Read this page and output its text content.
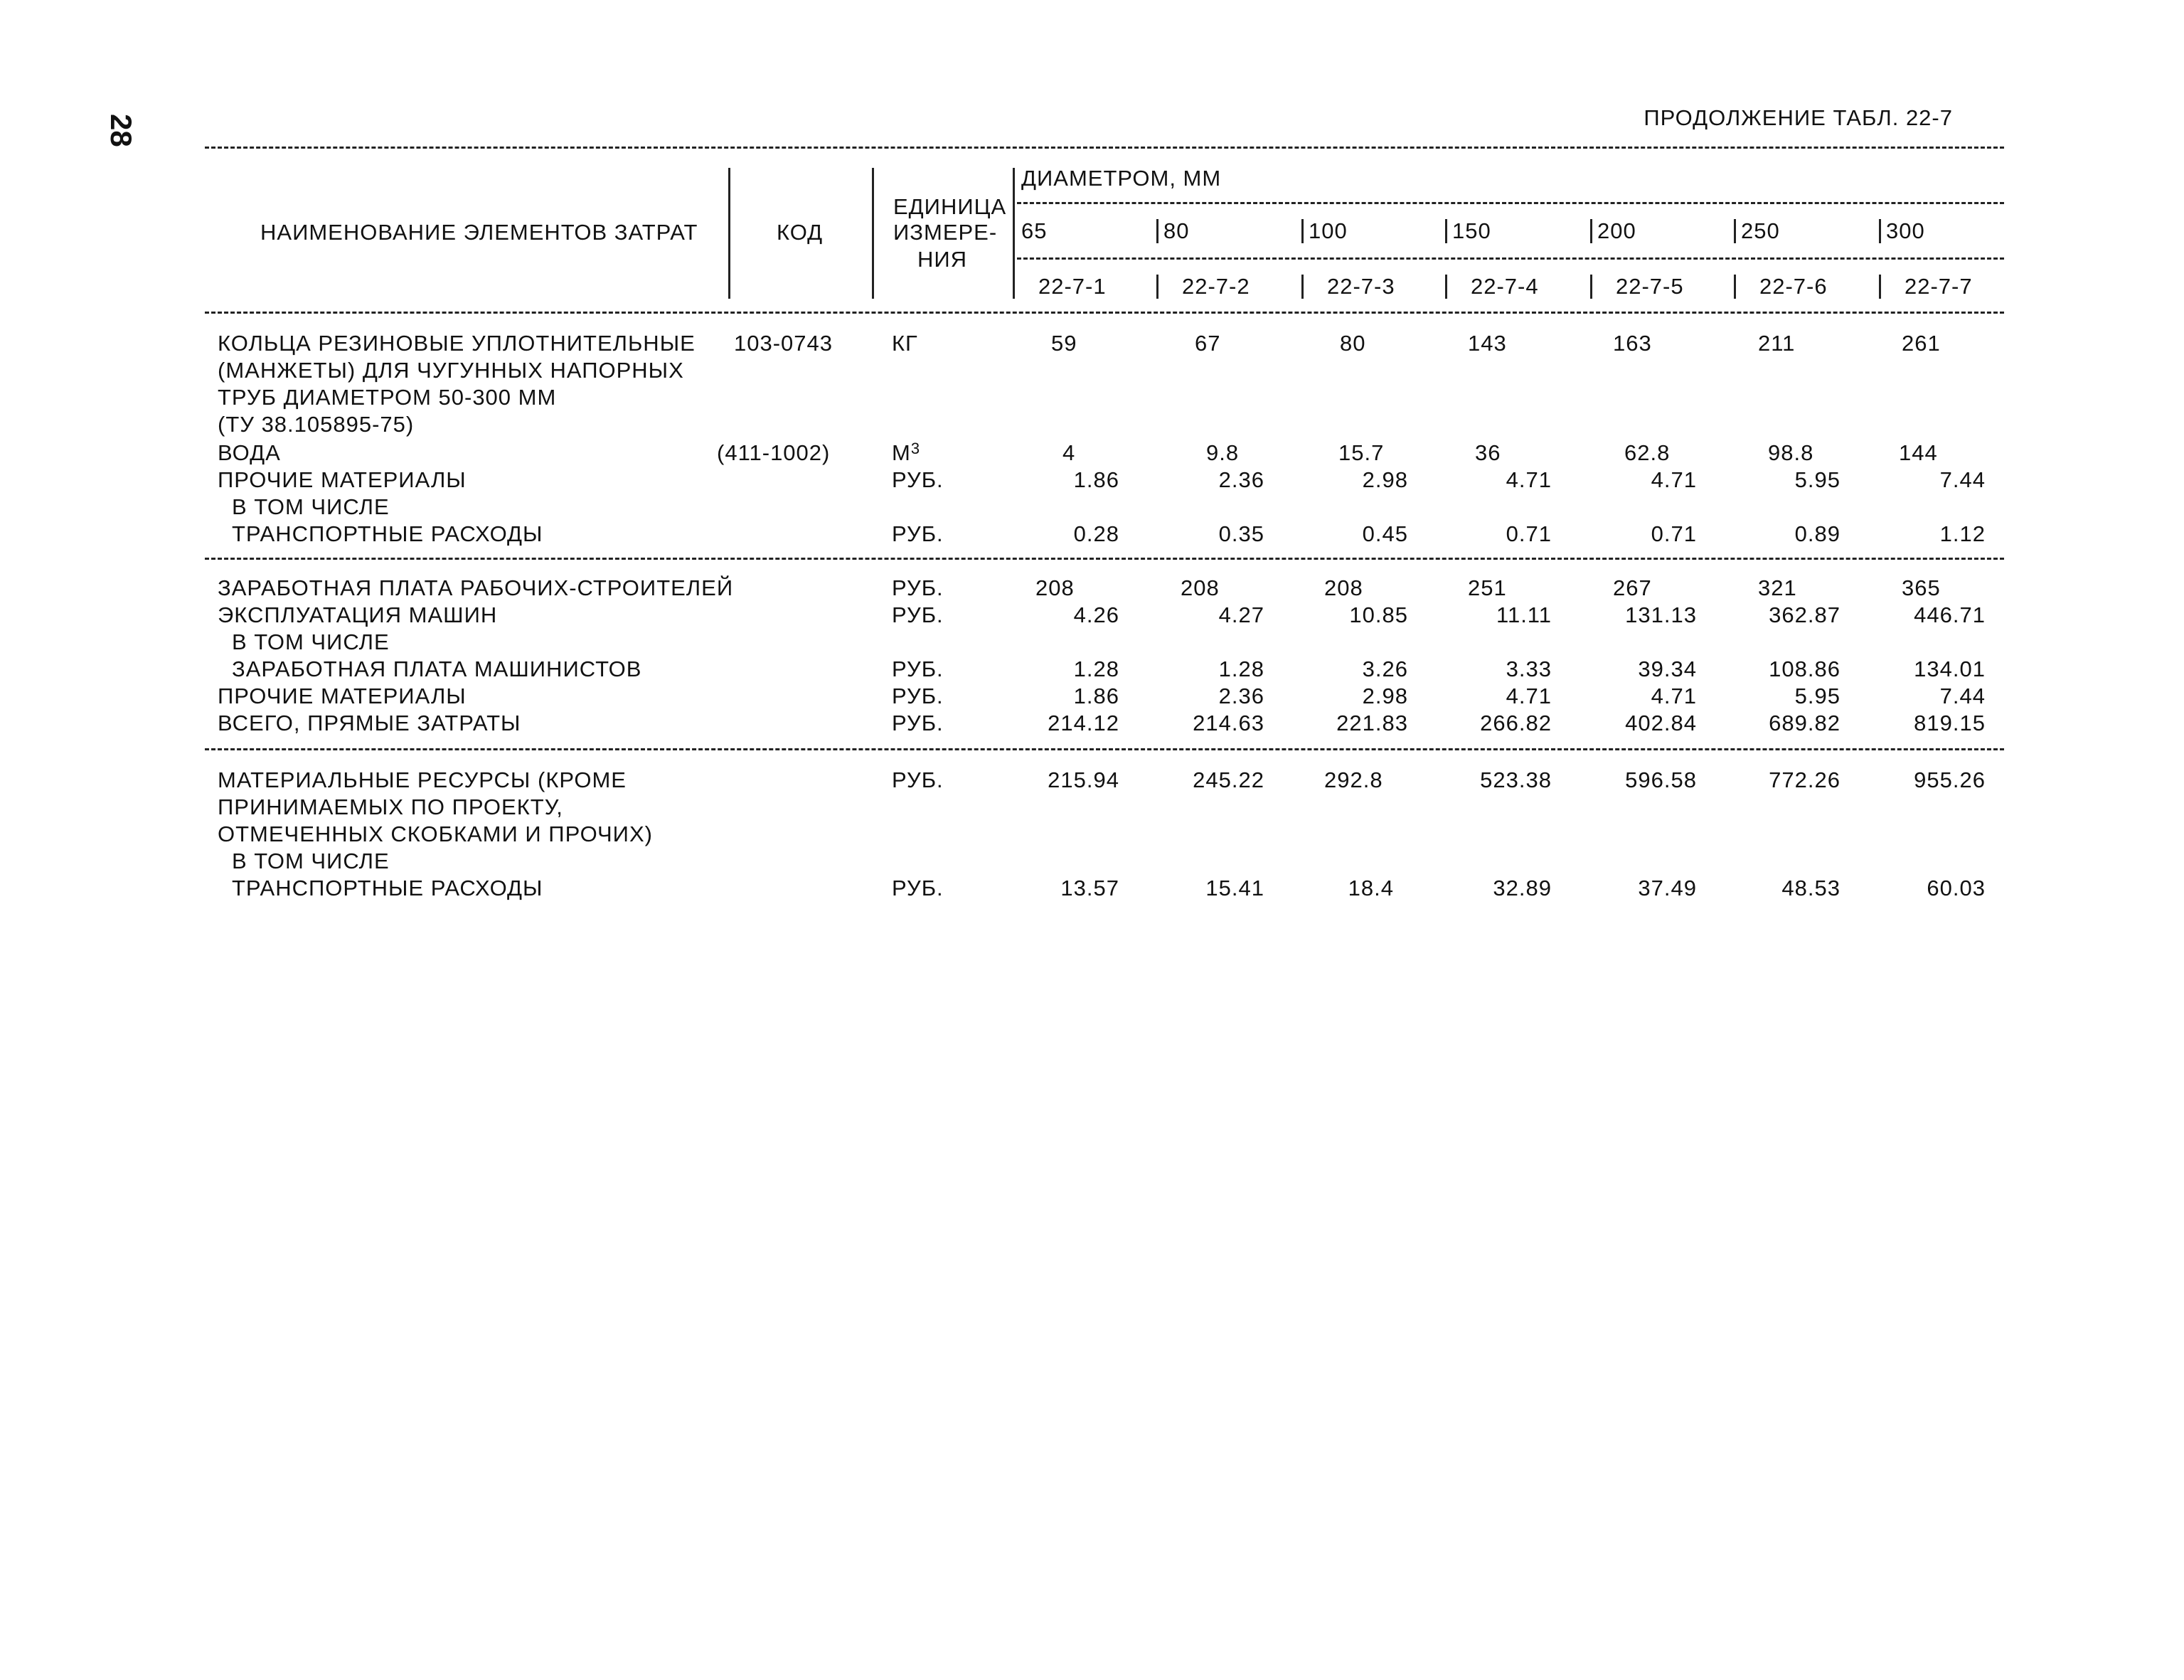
28	ПРОДОЛЖЕНИЕ ТАБЛ. 22-7
НАИМЕНОВАНИЕ ЭЛЕМЕНТОВ ЗАТРАТ	КОД
ЕДИНИЦА
ИЗМЕРЕ-
НИЯ
ДИАМЕТРОМ, ММ
65	80	100	150	200	250	300
22-7-1	22-7-2	22-7-3	22-7-4	22-7-5	22-7-6	22-7-7
КОЛЬЦА РЕЗИНОВЫЕ УПЛОТНИТЕЛЬНЫЕ
(МАНЖЕТЫ) ДЛЯ ЧУГУННЫХ НАПОРНЫХ
ТРУБ ДИАМЕТРОМ 50-300 ММ
(ТУ 38.105895-75)
103-0743	КГ	59	67	80	143	163	211	261
ВОДА	(411-1002)	$М^3$	4	9.8	15.7	36	62.8	98.8	144
ПРОЧИЕ МАТЕРИАЛЫ	РУБ.	1.86	2.36	2.98	4.71	4.71	5.95	7.44
В ТОМ ЧИСЛЕ
ТРАНСПОРТНЫЕ РАСХОДЫ	РУБ.	0.28	0.35	0.45	0.71	0.71	0.89	1.12
ЗАРАБОТНАЯ ПЛАТА РАБОЧИХ-СТРОИТЕЛЕЙ	РУБ.	208	208	208	251	267	321	365
ЭКСПЛУАТАЦИЯ МАШИН	РУБ.	4.26	4.27	10.85	11.11	131.13	362.87	446.71
В ТОМ ЧИСЛЕ
ЗАРАБОТНАЯ ПЛАТА МАШИНИСТОВ	РУБ.	1.28	1.28	3.26	3.33	39.34	108.86	134.01
ПРОЧИЕ МАТЕРИАЛЫ	РУБ.	1.86	2.36	2.98	4.71	4.71	5.95	7.44
ВСЕГО, ПРЯМЫЕ ЗАТРАТЫ	РУБ.	214.12	214.63	221.83	266.82	402.84	689.82	819.15
МАТЕРИАЛЬНЫЕ РЕСУРСЫ (КРОМЕ
ПРИНИМАЕМЫХ ПО ПРОЕКТУ,
ОТМЕЧЕННЫХ СКОБКАМИ И ПРОЧИХ)
РУБ.	215.94	245.22	292.8	523.38	596.58	772.26	955.26
В ТОМ ЧИСЛЕ
ТРАНСПОРТНЫЕ РАСХОДЫ	РУБ.	13.57	15.41	18.4	32.89	37.49	48.53	60.03
